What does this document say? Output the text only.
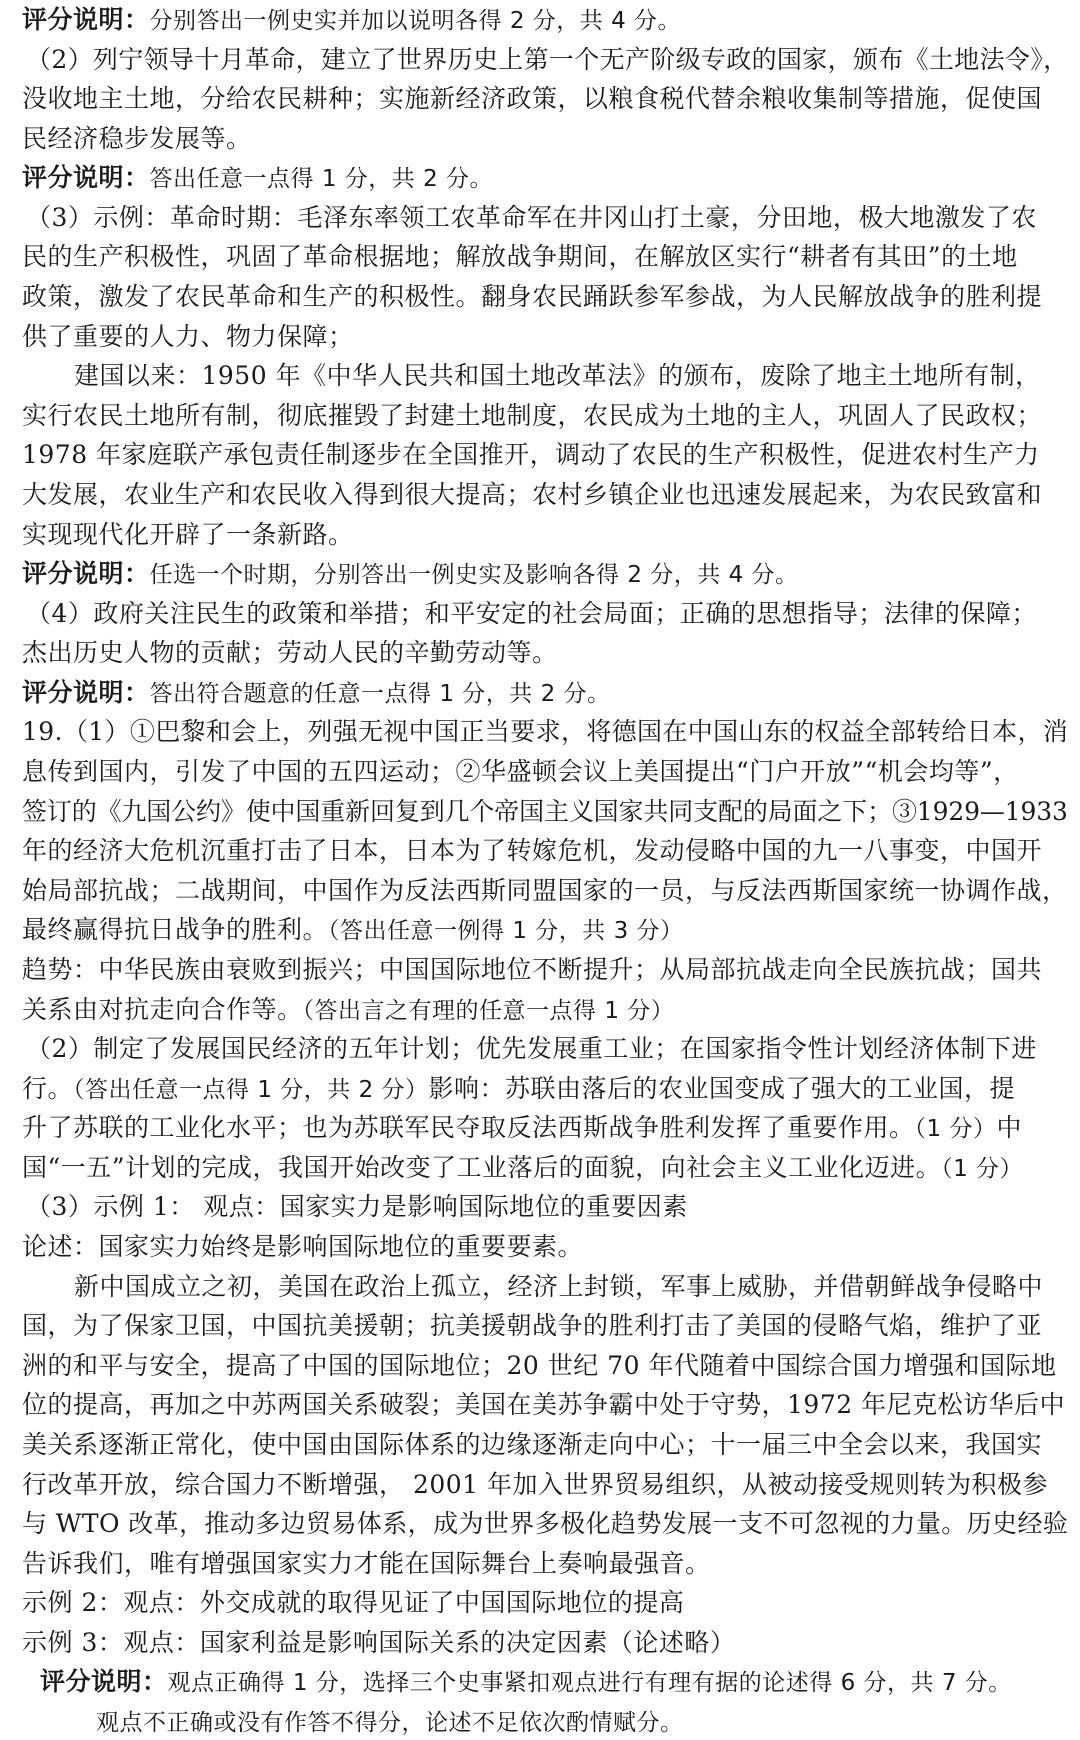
评分说明：分别答出一例史实并加以说明各得 2 分，共 4 分。
（2）列宁领导十月革命，建立了世界历史上第一个无产阶级专政的国家，颁布《土地法令》，
没收地主土地，分给农民耕种；实施新经济政策，以粮食税代替余粮收集制等措施，促使国
民经济稳步发展等。
评分说明：答出任意一点得 1 分，共 2 分。
（3）示例：革命时期：毛泽东率领工农革命军在井冈山打土豪，分田地，极大地激发了农
民的生产积极性，巩固了革命根据地；解放战争期间，在解放区实行“耕者有其田”的土地
政策，激发了农民革命和生产的积极性。翻身农民踊跃参军参战，为人民解放战争的胜利提
供了重要的人力、物力保障；
建国以来：1950 年《中华人民共和国土地改革法》的颁布，废除了地主土地所有制，
实行农民土地所有制，彻底摧毁了封建土地制度，农民成为土地的主人，巩固人了民政权；
1978 年家庭联产承包责任制逐步在全国推开，调动了农民的生产积极性，促进农村生产力
大发展，农业生产和农民收入得到很大提高；农村乡镇企业也迅速发展起来，为农民致富和
实现现代化开辟了一条新路。
评分说明：任选一个时期，分别答出一例史实及影响各得 2 分，共 4 分。
（4）政府关注民生的政策和举措；和平安定的社会局面；正确的思想指导；法律的保障；
杰出历史人物的贡献；劳动人民的辛勤劳动等。
评分说明：答出符合题意的任意一点得 1 分，共 2 分。
19.（1）①巴黎和会上，列强无视中国正当要求，将德国在中国山东的权益全部转给日本，消
息传到国内，引发了中国的五四运动；②华盛顿会议上美国提出“门户开放”“机会均等”，
签订的《九国公约》使中国重新回复到几个帝国主义国家共同支配的局面之下；③1929—1933
年的经济大危机沉重打击了日本，日本为了转嫁危机，发动侵略中国的九一八事变，中国开
始局部抗战；二战期间，中国作为反法西斯同盟国家的一员，与反法西斯国家统一协调作战，
最终赢得抗日战争的胜利。（答出任意一例得 1 分，共 3 分）
趋势：中华民族由衰败到振兴；中国国际地位不断提升；从局部抗战走向全民族抗战；国共
关系由对抗走向合作等。（答出言之有理的任意一点得 1 分）
（2）制定了发展国民经济的五年计划；优先发展重工业；在国家指令性计划经济体制下进
行。（答出任意一点得 1 分，共 2 分）影响：苏联由落后的农业国变成了强大的工业国，提
升了苏联的工业化水平；也为苏联军民夺取反法西斯战争胜利发挥了重要作用。（1 分）中
国“一五”计划的完成，我国开始改变了工业落后的面貌，向社会主义工业化迈进。（1 分）
（3）示例 1： 观点：国家实力是影响国际地位的重要因素
论述：国家实力始终是影响国际地位的重要要素。
新中国成立之初，美国在政治上孤立，经济上封锁，军事上威胁，并借朝鲜战争侵略中
国，为了保家卫国，中国抗美援朝；抗美援朝战争的胜利打击了美国的侵略气焰，维护了亚
洲的和平与安全，提高了中国的国际地位；20 世纪 70 年代随着中国综合国力增强和国际地
位的提高，再加之中苏两国关系破裂；美国在美苏争霸中处于守势，1972 年尼克松访华后中
美关系逐渐正常化，使中国由国际体系的边缘逐渐走向中心；十一届三中全会以来，我国实
行改革开放，综合国力不断增强， 2001 年加入世界贸易组织，从被动接受规则转为积极参
与 WTO 改革，推动多边贸易体系，成为世界多极化趋势发展一支不可忽视的力量。历史经验
告诉我们，唯有增强国家实力才能在国际舞台上奏响最强音。
示例 2：观点：外交成就的取得见证了中国国际地位的提高
示例 3：观点：国家利益是影响国际关系的决定因素（论述略）
评分说明：观点正确得 1 分，选择三个史事紧扣观点进行有理有据的论述得 6 分，共 7 分。
观点不正确或没有作答不得分，论述不足依次酌情赋分。
